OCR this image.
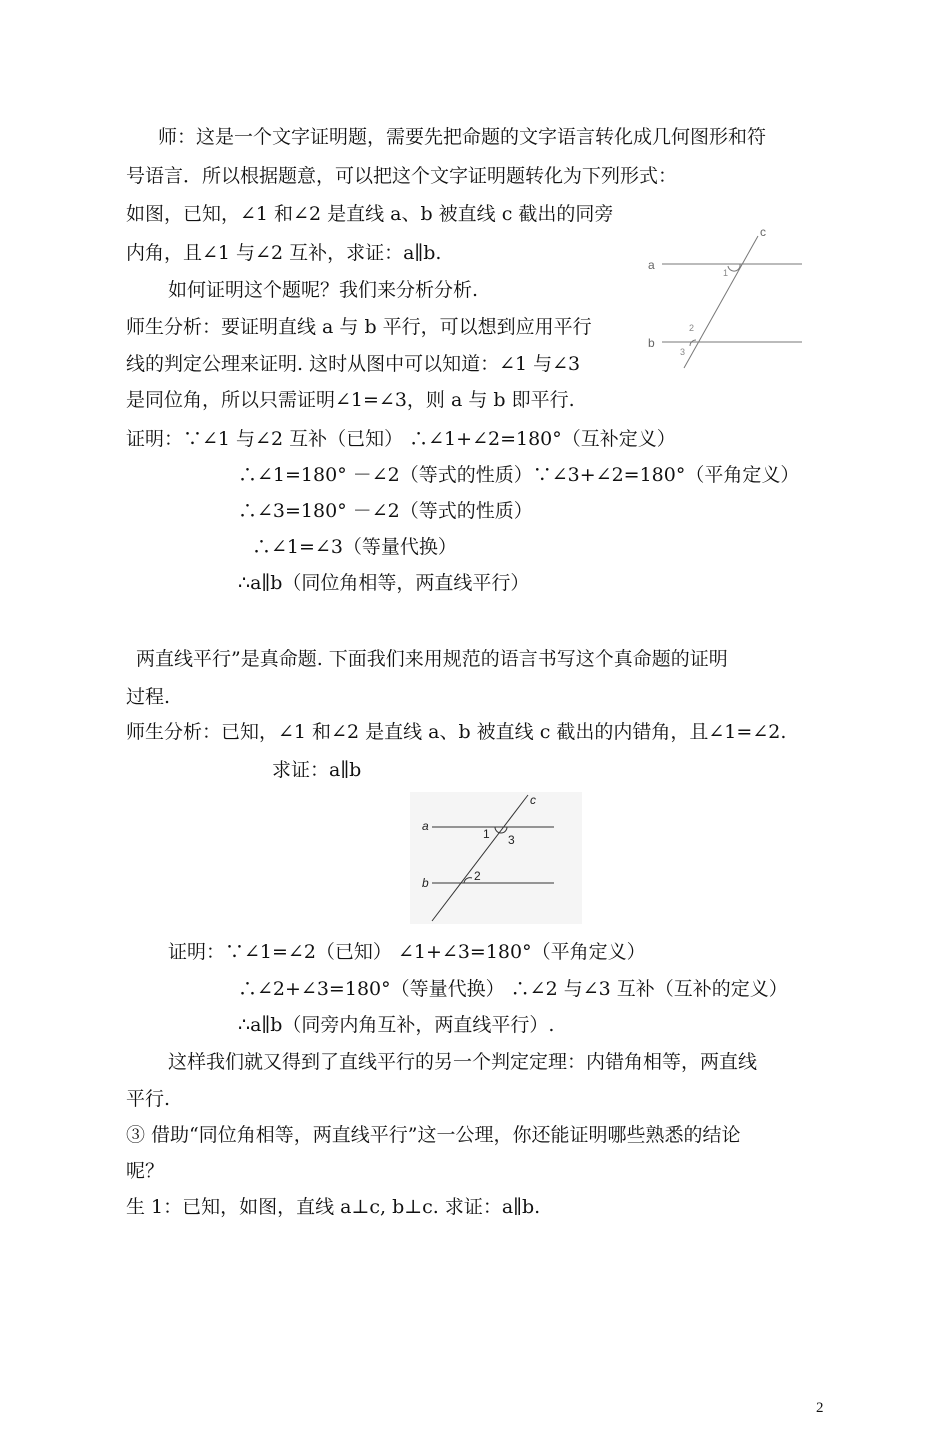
师：这是一个文字证明题，需要先把命题的文字语言转化成几何图形和符
号语言．所以根据题意，可以把这个文字证明题转化为下列形式：
如图，已知，∠1 和∠2 是直线 a、b 被直线 c 截出的同旁
内角，且∠1 与∠2 互补，求证：a∥b.
如何证明这个题呢？我们来分析分析.
师生分析：要证明直线 a 与 b 平行，可以想到应用平行
线的判定公理来证明. 这时从图中可以知道：∠1 与∠3
是同位角，所以只需证明∠1=∠3，则 a 与 b 即平行.
证明：∵∠1 与∠2 互补（已知） ∴∠1+∠2=180°（互补定义）
∴∠1=180° －∠2（等式的性质）∵∠3+∠2=180°（平角定义）
∴∠3=180° －∠2（等式的性质）
∴∠1=∠3（等量代换）
∴a∥b（同位角相等，两直线平行）
两直线平行”是真命题. 下面我们来用规范的语言书写这个真命题的证明
过程.
师生分析：已知，∠1 和∠2 是直线 a、b 被直线 c 截出的内错角，且∠1=∠2.
求证：a∥b
a
b
c
1
2
3
a
b
c
1 3
2
证明：∵∠1=∠2（已知） ∠1+∠3=180°（平角定义）
∴∠2+∠3=180°（等量代换） ∴∠2 与∠3 互补（互补的定义）
∴a∥b（同旁内角互补，两直线平行）.
这样我们就又得到了直线平行的另一个判定定理：内错角相等，两直线
平行.
③ 借助“同位角相等，两直线平行”这一公理，你还能证明哪些熟悉的结论
呢？
生 1：已知，如图，直线 a⊥c, b⊥c. 求证：a∥b.
2
